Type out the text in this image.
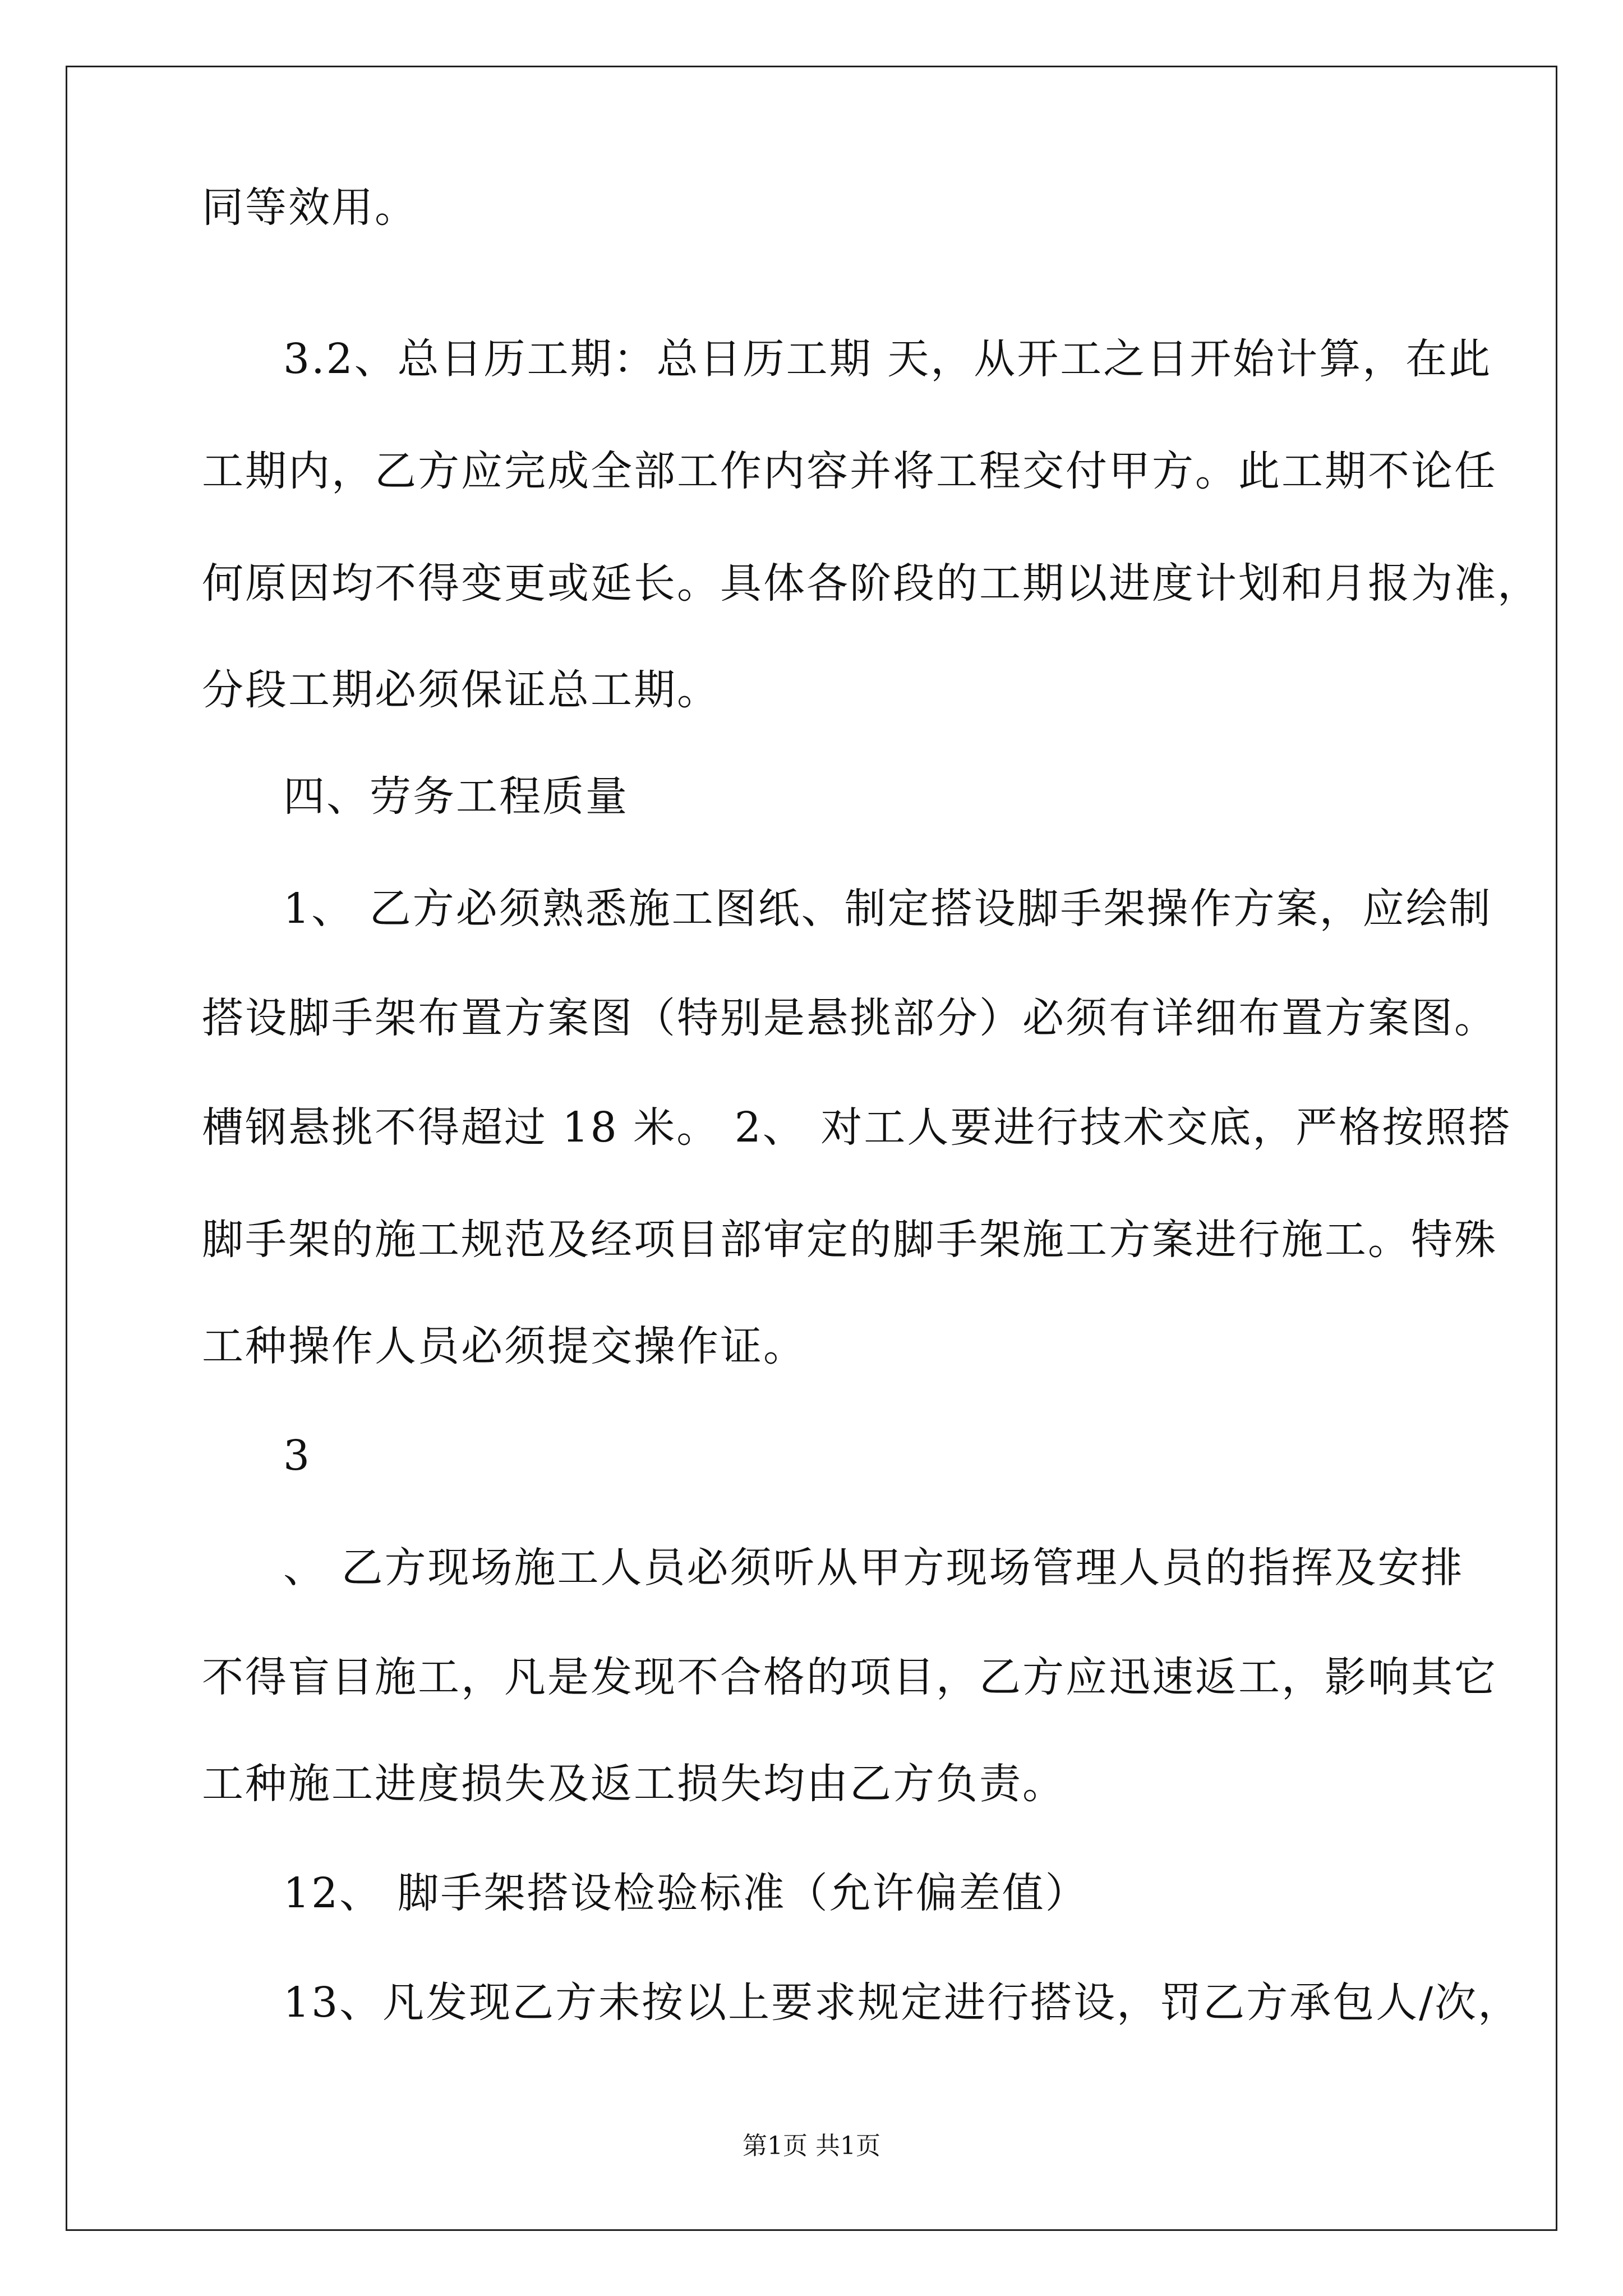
同等效用。
3.2、总日历工期：总日历工期 天，从开工之日开始计算，在此
工期内，乙方应完成全部工作内容并将工程交付甲方。此工期不论任
何原因均不得变更或延长。具体各阶段的工期以进度计划和月报为准，
分段工期必须保证总工期。
四、劳务工程质量
1、 乙方必须熟悉施工图纸、制定搭设脚手架操作方案，应绘制
搭设脚手架布置方案图（特别是悬挑部分）必须有详细布置方案图。
槽钢悬挑不得超过 18 米。 2、 对工人要进行技术交底，严格按照搭
脚手架的施工规范及经项目部审定的脚手架施工方案进行施工。特殊
工种操作人员必须提交操作证。
3
、 乙方现场施工人员必须听从甲方现场管理人员的指挥及安排
不得盲目施工，凡是发现不合格的项目，乙方应迅速返工，影响其它
工种施工进度损失及返工损失均由乙方负责。
12、 脚手架搭设检验标准（允许偏差值）
13、凡发现乙方未按以上要求规定进行搭设，罚乙方承包人/次，
第1页 共1页
